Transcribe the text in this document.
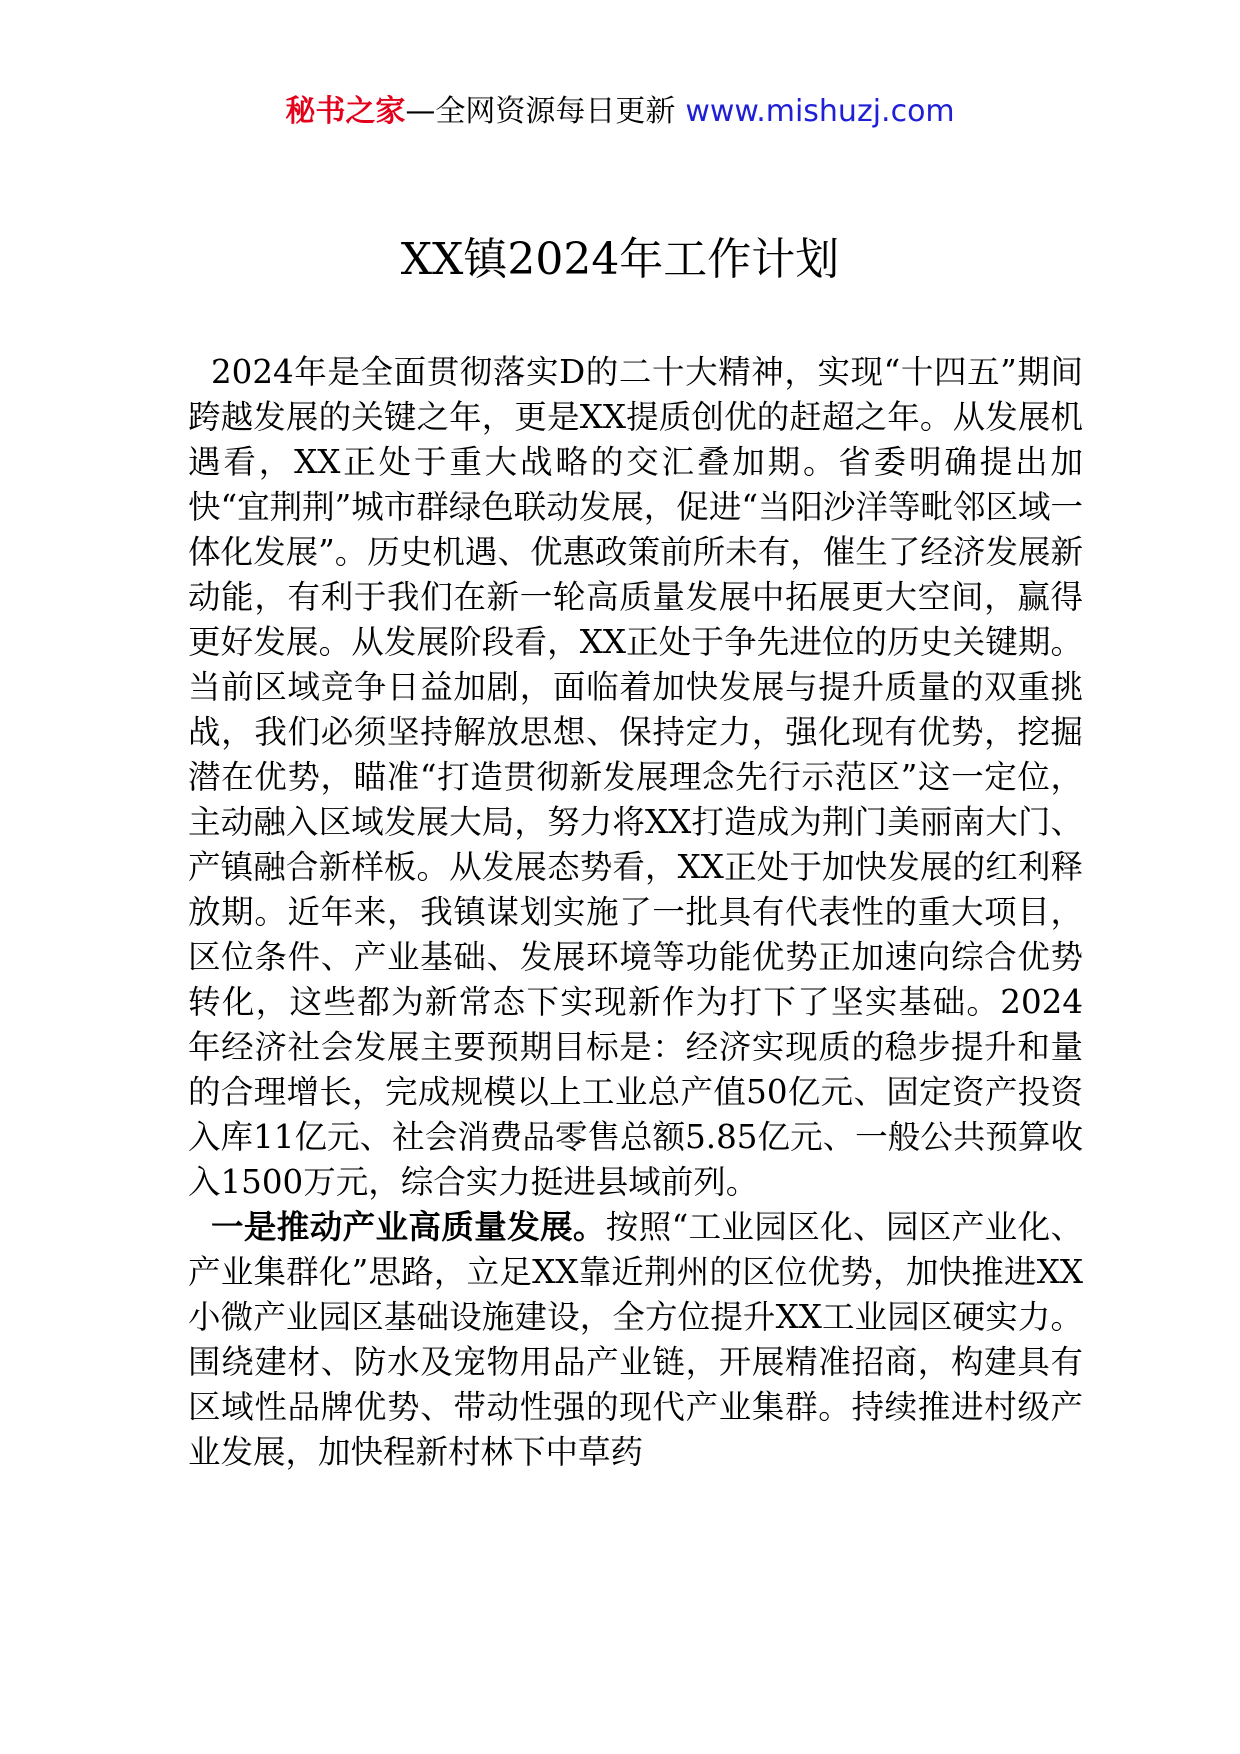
秘书之家—全网资源每日更新 www.mishuzj.com
XX镇2024年工作计划

2024年是全面贯彻落实D的二十大精神，实现“十四五”期间跨越发展的关键之年，更是XX提质创优的赶超之年。从发展机遇看，XX正处于重大战略的交汇叠加期。省委明确提出加快“宜荆荆”城市群绿色联动发展，促进“当阳沙洋等毗邻区域一体化发展”。历史机遇、优惠政策前所未有，催生了经济发展新动能，有利于我们在新一轮高质量发展中拓展更大空间，赢得更好发展。从发展阶段看，XX正处于争先进位的历史关键期。当前区域竞争日益加剧，面临着加快发展与提升质量的双重挑战，我们必须坚持解放思想、保持定力，强化现有优势，挖掘潜在优势，瞄准“打造贯彻新发展理念先行示范区”这一定位，主动融入区域发展大局，努力将XX打造成为荆门美丽南大门、产镇融合新样板。从发展态势看，XX正处于加快发展的红利释放期。近年来，我镇谋划实施了一批具有代表性的重大项目，区位条件、产业基础、发展环境等功能优势正加速向综合优势转化，这些都为新常态下实现新作为打下了坚实基础。2024年经济社会发展主要预期目标是：经济实现质的稳步提升和量的合理增长，完成规模以上工业总产值50亿元、固定资产投资入库11亿元、社会消费品零售总额5.85亿元、一般公共预算收入1500万元，综合实力挺进县域前列。

一是推动产业高质量发展。按照“工业园区化、园区产业化、产业集群化”思路，立足XX靠近荆州的区位优势，加快推进XX小微产业园区基础设施建设，全方位提升XX工业园区硬实力。围绕建材、防水及宠物用品产业链，开展精准招商，构建具有区域性品牌优势、带动性强的现代产业集群。持续推进村级产业发展，加快程新村林下中草药
